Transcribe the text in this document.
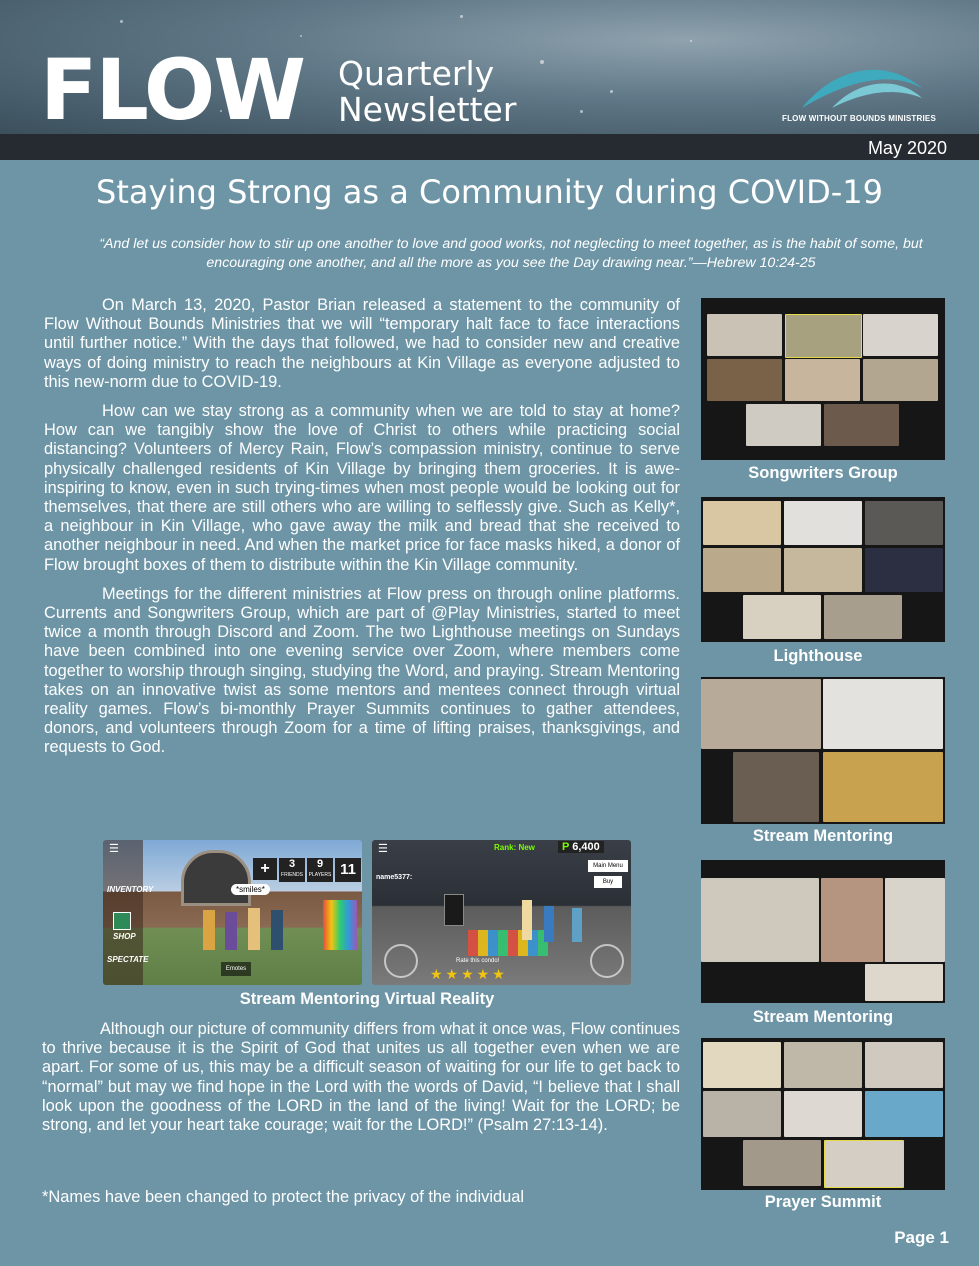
FLOW Quarterly
Newsletter	FLOW WITHOUT BOUNDS MINISTRIES
May 2020
Staying Strong as a Community during COVID-19
“And let us consider how to stir up one another to love and good works, not neglecting to meet together, as is the habit of some, but encouraging one another, and all the more as you see the Day drawing near.”—Hebrew 10:24-25

On March 13, 2020, Pastor Brian released a statement to the community of Flow Without Bounds Ministries that we will “temporary halt face to face interactions until further notice.” With the days that followed, we had to consider new and creative ways of doing ministry to reach the neighbours at Kin Village as everyone adjusted to this new-norm due to COVID-19.

How can we stay strong as a community when we are told to stay at home? How can we tangibly show the love of Christ to others while practicing social distancing? Volunteers of Mercy Rain, Flow’s compassion ministry, continue to serve physically challenged residents of Kin Village by bringing them groceries. It is awe-inspiring to know, even in such trying-times when most people would be looking out for themselves, that there are still others who are willing to selflessly give. Such as Kelly*, a neighbour in Kin Village, who gave away the milk and bread that she received to another neighbour in need. And when the market price for face masks hiked, a donor of Flow brought boxes of them to distribute within the Kin Village community.

Meetings for the different ministries at Flow press on through online platforms. Currents and Songwriters Group, which are part of @Play Ministries, started to meet twice a month through Discord and Zoom. The two Lighthouse meetings on Sundays have been combined into one evening service over Zoom, where members come together to worship through singing, studying the Word, and praying. Stream Mentoring takes on an innovative twist as some mentors and mentees connect through virtual reality games. Flow’s bi-monthly Prayer Summits continues to gather attendees, donors, and volunteers through Zoom for a time of lifting praises, thanksgivings, and requests to God.

INVENTORY
SHOP
SPECTATE
+	3
FRIENDS
9
PLAYERS 11
*smiles*
Emotes
☰	☰	Rank: New	P 6,400
Main Menu
Buy
name5377:
Rate this condo!
★★★★★
Stream Mentoring Virtual Reality

Although our picture of community differs from what it once was, Flow continues to thrive because it is the Spirit of God that unites us all together even when we are apart. For some of us, this may be a difficult season of waiting for our life to get back to “normal” but may we find hope in the Lord with the words of David, “I believe that I shall look upon the goodness of the LORD in the land of the living! Wait for the LORD; be strong, and let your heart take courage; wait for the LORD!” (Psalm 27:13-14).

*Names have been changed to protect the privacy of the individual
Songwriters Group
Lighthouse
Stream Mentoring
Stream Mentoring
Prayer Summit
Page 1
